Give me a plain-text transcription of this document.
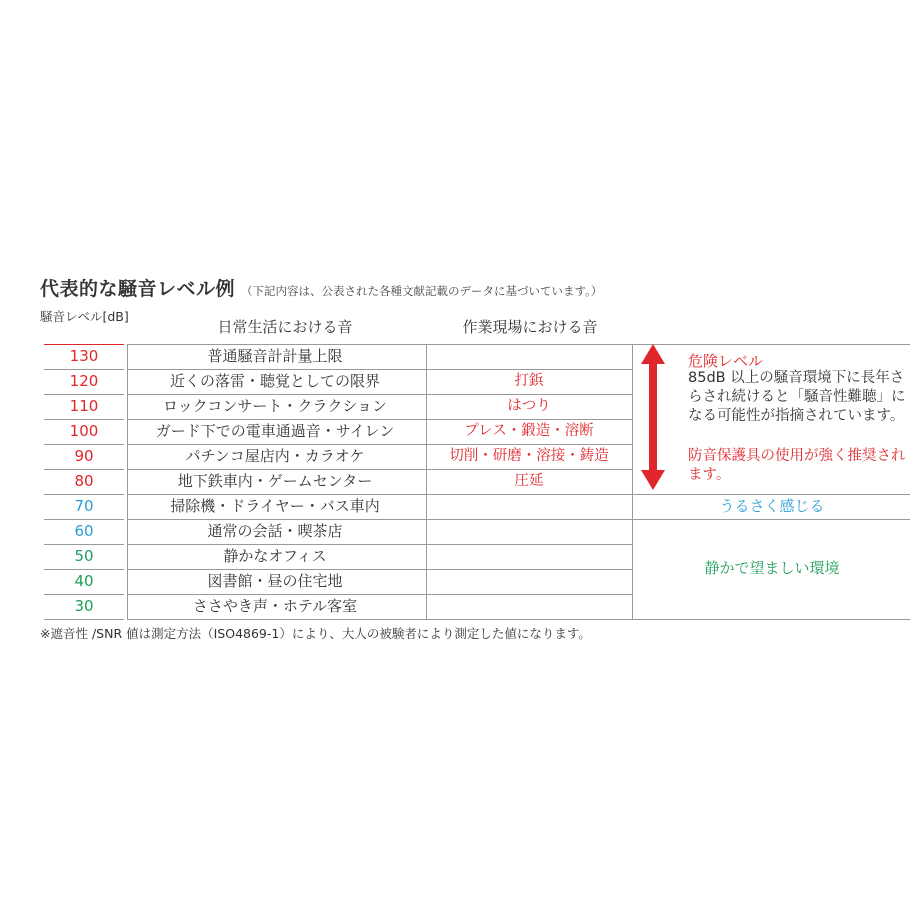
代表的な騒音レベル例 （下記内容は、公表された各種文献記載のデータに基づいています。）
騒音レベル[dB]
日常生活における音	作業現場における音
130	普通騒音計計量上限
120	近くの落雷・聴覚としての限界	打鋲
110	ロックコンサート・クラクション	はつり
100	ガード下での電車通過音・サイレン	プレス・鍛造・溶断
90	パチンコ屋店内・カラオケ	切削・研磨・溶接・鋳造
80	地下鉄車内・ゲームセンター	圧延
70	掃除機・ドライヤー・バス車内
60	通常の会話・喫茶店
50	静かなオフィス
40	図書館・昼の住宅地
30	ささやき声・ホテル客室
危険レベル
85dB 以上の騒音環境下に長年さらされ続けると「騒音性難聴」になる可能性が指摘されています。
防音保護具の使用が強く推奨されます。
うるさく感じる
静かで望ましい環境
※遮音性 /SNR 値は測定方法（ISO4869-1）により、大人の被験者により測定した値になります。
